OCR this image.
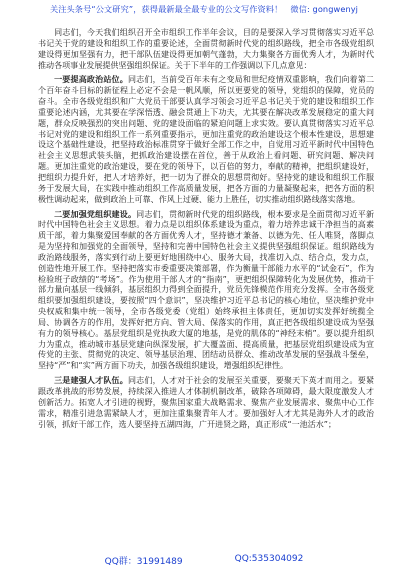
关注头条号“公文研究”，获得最新最全最专业的公文写作资料！ 微信: gongwenyj

同志们，今天我们组织召开全市组织工作半年会议，目的是要深入学习贯彻落实习近平总书记关于党的建设和组织工作的重要论述，全面贯彻新时代党的组织路线，把全市各级党组织建设得更加坚强有力，把干部队伍建设得更加朝气蓬勃，大力集聚各方面优秀人才，为新时代推动各项事业发展提供坚强组织保证。关于下半年的工作强调以下几点意见：

一要提高政治站位。同志们，当前受百年未有之变局和世纪疫情双重影响，我们向着第二个百年奋斗目标的新征程上必定不会是一帆风顺，所以更要党的领导，党组织的保障，党员的奋斗。全市各级党组织和广大党员干部要认真学习领会习近平总书记关于党的建设和组织工作重要论述内涵，尤其要在学深悟透、融会贯通上下功夫，尤其要在解决改革发展稳定的重大问题，群众反映强烈的突出问题、党的建设面临的紧迫问题上求实效。要认真贯彻落实习近平总书记对党的建设和组织工作一系列重要指示，更加注重党的政治建设这个根本性建设，思想建设这个基础性建设，把坚持政治标准贯穿于做好全部工作之中，自觉用习近平新时代中国特色社会主义思想武装头脑，把抓政治建设摆在首位，善于从政治上看问题、研究问题、解决问题。更加注重党的政治建设，要在党的领导下，以百倍的努力，奉献的精神，把组织建设好，把组织力提升好，把人才培养好，把一切为了群众的思想贯彻好。坚持党的建设和组织工作服务于发展大局，在实践中推动组织工作高质量发展，把各方面的力量凝聚起来，把各方面的积极性调动起来，做到政治上可靠、作风上过硬、能力上胜任，切实推动组织路线落实落地。

二要加强党组织建设。同志们，贯彻新时代党的组织路线，根本要求是全面贯彻习近平新时代中国特色社会主义思想。着力点是以组织体系建设为重点，着力培养忠诚干净担当的高素质干部，着力集聚爱国奉献的各方面优秀人才，坚持德才兼备、以德为先、任人唯贤，落脚点是为坚持和加强党的全面领导，坚持和完善中国特色社会主义提供坚强组织保证。组织路线为政治路线服务，落实到行动上要更好地围绕中心、服务大局，找准切入点、结合点，发力点，创造性地开展工作。坚持把落实市委重要决策部署，作为衡量干部能力水平的“试金石”，作为检验班子政绩的“考场”。作为使用干部人才的“指南”，更把组织保障转化为发展优势，推动干部力量向基层一线倾斜，基层组织力得到全面提升，党员先锋模范作用充分发挥。全市各级党组织要加强组织建设，要按照“四个意识”，坚决维护习近平总书记的核心地位，坚决维护党中央权威和集中统一领导，全市各级党委（党组）始终承担主体责任，更加切实发挥好统揽全局、协调各方的作用，发挥好把方向、管大局、保落实的作用，真正把各级组织建设成为坚强有力的领导核心。基层党组织是党执政大厦的地基，是党的肌体的“神经末梢”。要以提升组织力为重点，推动城市基层党建向纵深发展，扩大覆盖面、提高质量，把基层党组织建设成为宣传党的主张、贯彻党的决定、领导基层治理、团结动员群众、推动改革发展的坚强战斗堡垒，坚持“严”和“实”两方面下功夫，加强各级组织建设，增强组织纪律性。

三是建强人才队伍。同志们，人才对于社会的发展至关重要，要聚天下英才而用之。要紧跟改革挑战的形势发展，持续深入推进人才体制机制改革，破除各项障碍，最大限度激发人才创新活力。拓宽人才引进的视野，聚焦国家重大战略需求、聚焦产业发展需求、聚焦中心工作需求，精准引进急需紧缺人才，更加注重集聚青年人才。要加强好人才尤其是海外人才的政治引领，抓好干部工作，选人要坚持五湖四海，广开进贤之路，真正形成“一池活水”；

QQ群：31991489	QQ:535304092
